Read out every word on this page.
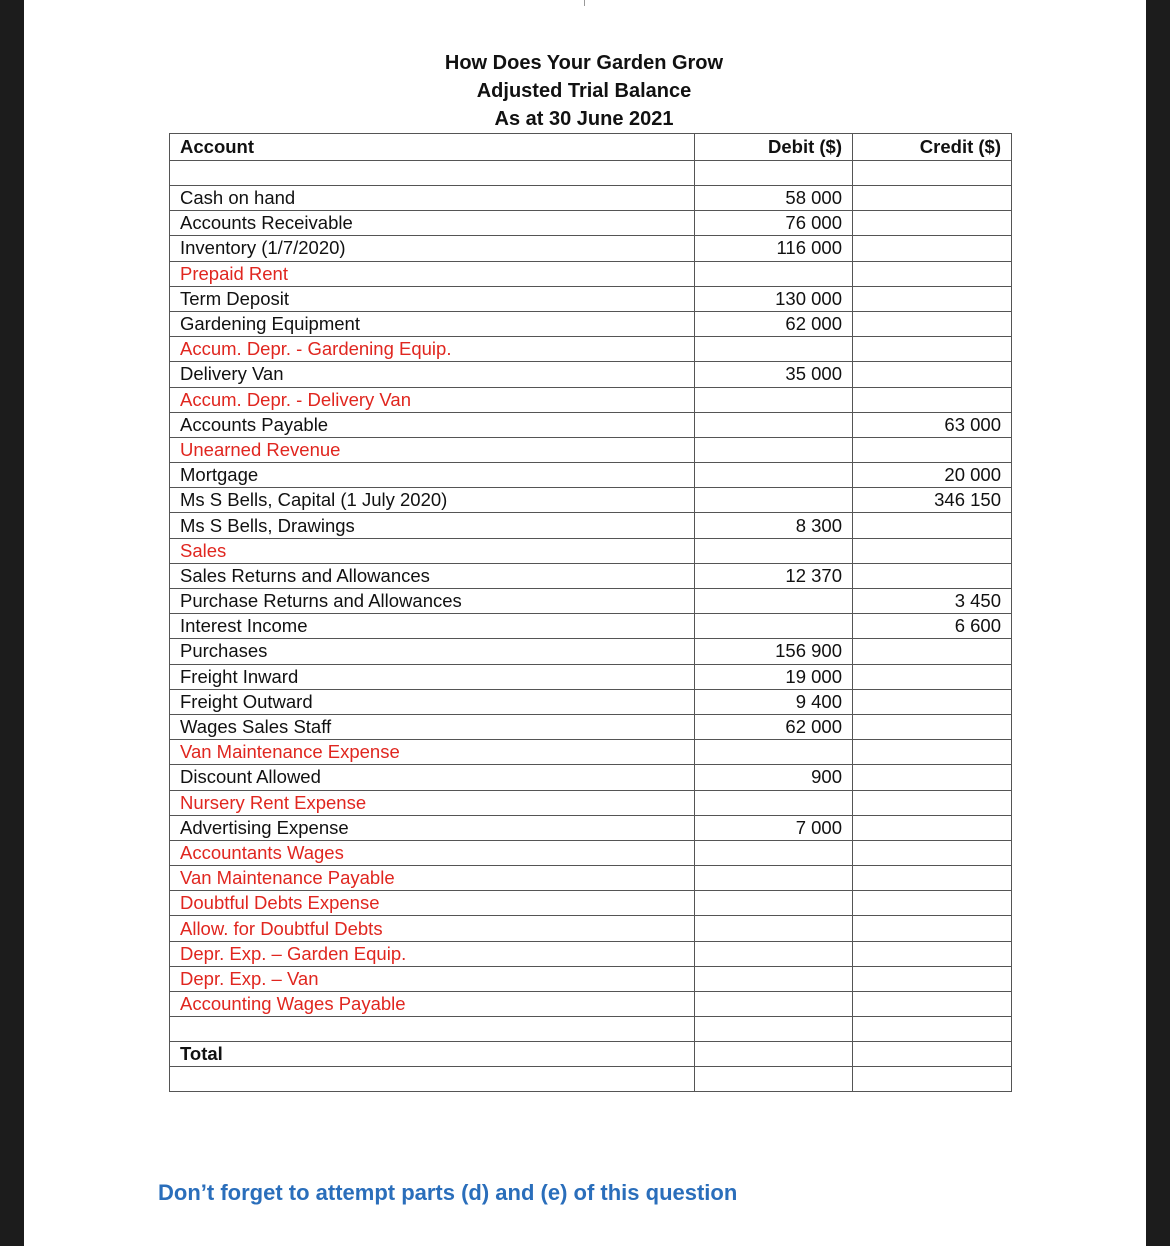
How Does Your Garden Grow
Adjusted Trial Balance
As at 30 June 2021
Account	Debit ($)	Credit ($)

Cash on hand	58 000	
Accounts Receivable	76 000	
Inventory (1/7/2020)	116 000	
Prepaid Rent		
Term Deposit	130 000	
Gardening Equipment	62 000	
Accum. Depr. - Gardening Equip.		
Delivery Van	35 000	
Accum. Depr. - Delivery Van		
Accounts Payable		63 000
Unearned Revenue		
Mortgage		20 000
Ms S Bells, Capital (1 July 2020)		346 150
Ms S Bells, Drawings	8 300	
Sales		
Sales Returns and Allowances	12 370	
Purchase Returns and Allowances		3 450
Interest Income		6 600
Purchases	156 900	
Freight Inward	19 000	
Freight Outward	9 400	
Wages Sales Staff	62 000	
Van Maintenance Expense		
Discount Allowed	900	
Nursery Rent Expense		
Advertising Expense	7 000	
Accountants Wages		
Van Maintenance Payable		
Doubtful Debts Expense		
Allow. for Doubtful Debts		
Depr. Exp. – Garden Equip.		
Depr. Exp. – Van		
Accounting Wages Payable		

Total		

Don’t forget to attempt parts (d) and (e) of this question
